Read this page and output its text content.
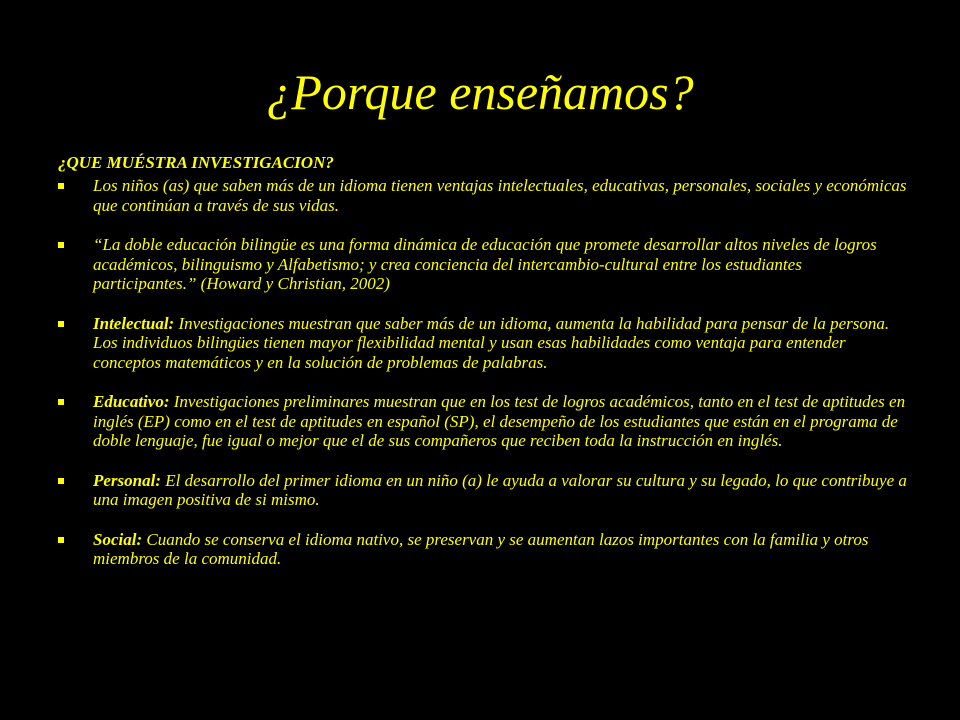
¿Porque enseñamos?

¿QUE MUÉSTRA INVESTIGACION?

Los niños (as) que saben más de un idioma tienen ventajas intelectuales, educativas, personales, sociales y económicas que continúan a través de sus vidas.
“La doble educación bilingüe es una forma dinámica de educación que promete desarrollar altos niveles de logros académicos, bilinguismo y Alfabetismo; y crea conciencia del intercambio-cultural entre los estudiantes participantes.” (Howard y Christian, 2002)
Intelectual: Investigaciones muestran que saber más de un idioma, aumenta la habilidad para pensar de la persona. Los individuos bilingües tienen mayor flexibilidad mental y usan esas habilidades como ventaja para entender conceptos matemáticos y en la solución de problemas de palabras.
Educativo: Investigaciones preliminares muestran que en los test de logros académicos, tanto en el test de aptitudes en inglés (EP) como en el test de aptitudes en español (SP), el desempeño de los estudiantes que están en el programa de doble lenguaje, fue igual o mejor que el de sus compañeros que reciben toda la instrucción en inglés.
Personal: El desarrollo del primer idioma en un niño (a) le ayuda a valorar su cultura y su legado, lo que contribuye a una imagen positiva de si mismo.
Social: Cuando se conserva el idioma nativo, se preservan y se aumentan lazos importantes con la familia y otros miembros de la comunidad.
